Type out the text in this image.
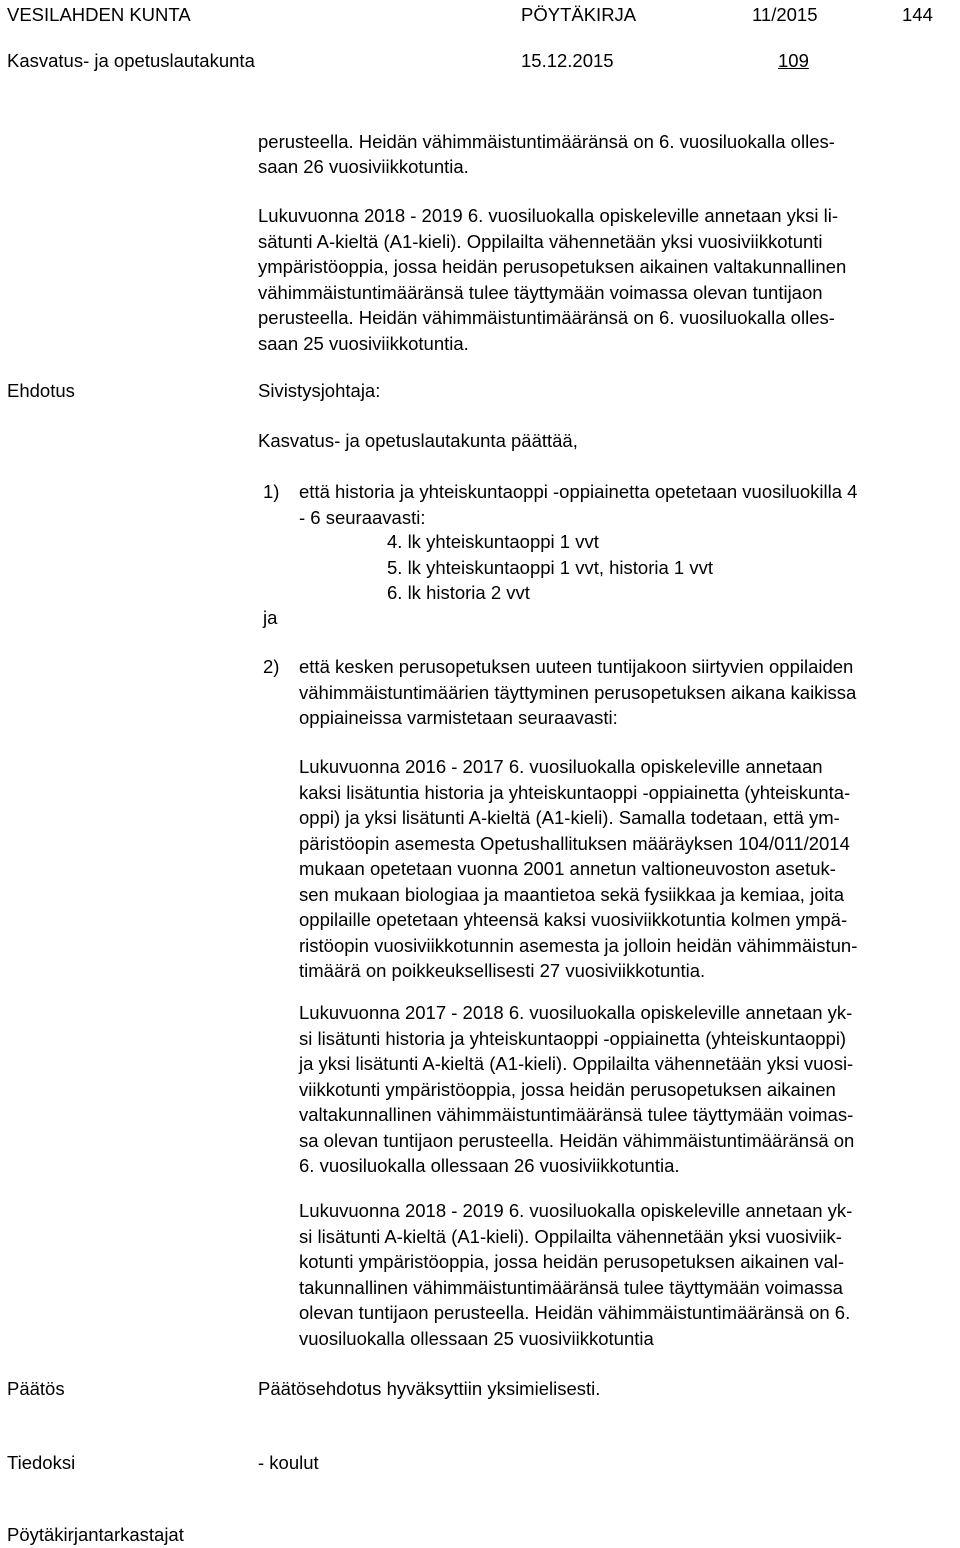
VESILAHDEN KUNTA	PÖYTÄKIRJA	11/2015	144
Kasvatus- ja opetuslautakunta	15.12.2015	109
perusteella. Heidän vähimmäistuntimääränsä on 6. vuosiluokalla olles-
saan 26 vuosiviikkotuntia.
Lukuvuonna 2018 - 2019 6. vuosiluokalla opiskeleville annetaan yksi li-
sätunti A-kieltä (A1-kieli). Oppilailta vähennetään yksi vuosiviikkotunti
ympäristöoppia, jossa heidän perusopetuksen aikainen valtakunnallinen
vähimmäistuntimääränsä tulee täyttymään voimassa olevan tuntijaon
perusteella. Heidän vähimmäistuntimääränsä on 6. vuosiluokalla olles-
saan 25 vuosiviikkotuntia.
Ehdotus	Sivistysjohtaja:
Kasvatus- ja opetuslautakunta päättää,
1) että historia ja yhteiskuntaoppi -oppiainetta opetetaan vuosiluokilla 4
- 6 seuraavasti:
4. lk yhteiskuntaoppi 1 vvt
5. lk yhteiskuntaoppi 1 vvt, historia 1 vvt
6. lk historia 2 vvt
ja
2) että kesken perusopetuksen uuteen tuntijakoon siirtyvien oppilaiden
vähimmäistuntimäärien täyttyminen perusopetuksen aikana kaikissa
oppiaineissa varmistetaan seuraavasti:
Lukuvuonna 2016 - 2017 6. vuosiluokalla opiskeleville annetaan
kaksi lisätuntia historia ja yhteiskuntaoppi -oppiainetta (yhteiskunta-
oppi) ja yksi lisätunti A-kieltä (A1-kieli). Samalla todetaan, että ym-
päristöopin asemesta Opetushallituksen määräyksen 104/011/2014
mukaan opetetaan vuonna 2001 annetun valtioneuvoston asetuk-
sen mukaan biologiaa ja maantietoa sekä fysiikkaa ja kemiaa, joita
oppilaille opetetaan yhteensä kaksi vuosiviikkotuntia kolmen ympä-
ristöopin vuosiviikkotunnin asemesta ja jolloin heidän vähimmäistun-
timäärä on poikkeuksellisesti 27 vuosiviikkotuntia.
Lukuvuonna 2017 - 2018 6. vuosiluokalla opiskeleville annetaan yk-
si lisätunti historia ja yhteiskuntaoppi -oppiainetta (yhteiskuntaoppi)
ja yksi lisätunti A-kieltä (A1-kieli). Oppilailta vähennetään yksi vuosi-
viikkotunti ympäristöoppia, jossa heidän perusopetuksen aikainen
valtakunnallinen vähimmäistuntimääränsä tulee täyttymään voimas-
sa olevan tuntijaon perusteella. Heidän vähimmäistuntimääränsä on
6. vuosiluokalla ollessaan 26 vuosiviikkotuntia.
Lukuvuonna 2018 - 2019 6. vuosiluokalla opiskeleville annetaan yk-
si lisätunti A-kieltä (A1-kieli). Oppilailta vähennetään yksi vuosiviik-
kotunti ympäristöoppia, jossa heidän perusopetuksen aikainen val-
takunnallinen vähimmäistuntimääränsä tulee täyttymään voimassa
olevan tuntijaon perusteella. Heidän vähimmäistuntimääränsä on 6.
vuosiluokalla ollessaan 25 vuosiviikkotuntia
Päätös	Päätösehdotus hyväksyttiin yksimielisesti.
Tiedoksi	- koulut
Pöytäkirjantarkastajat
